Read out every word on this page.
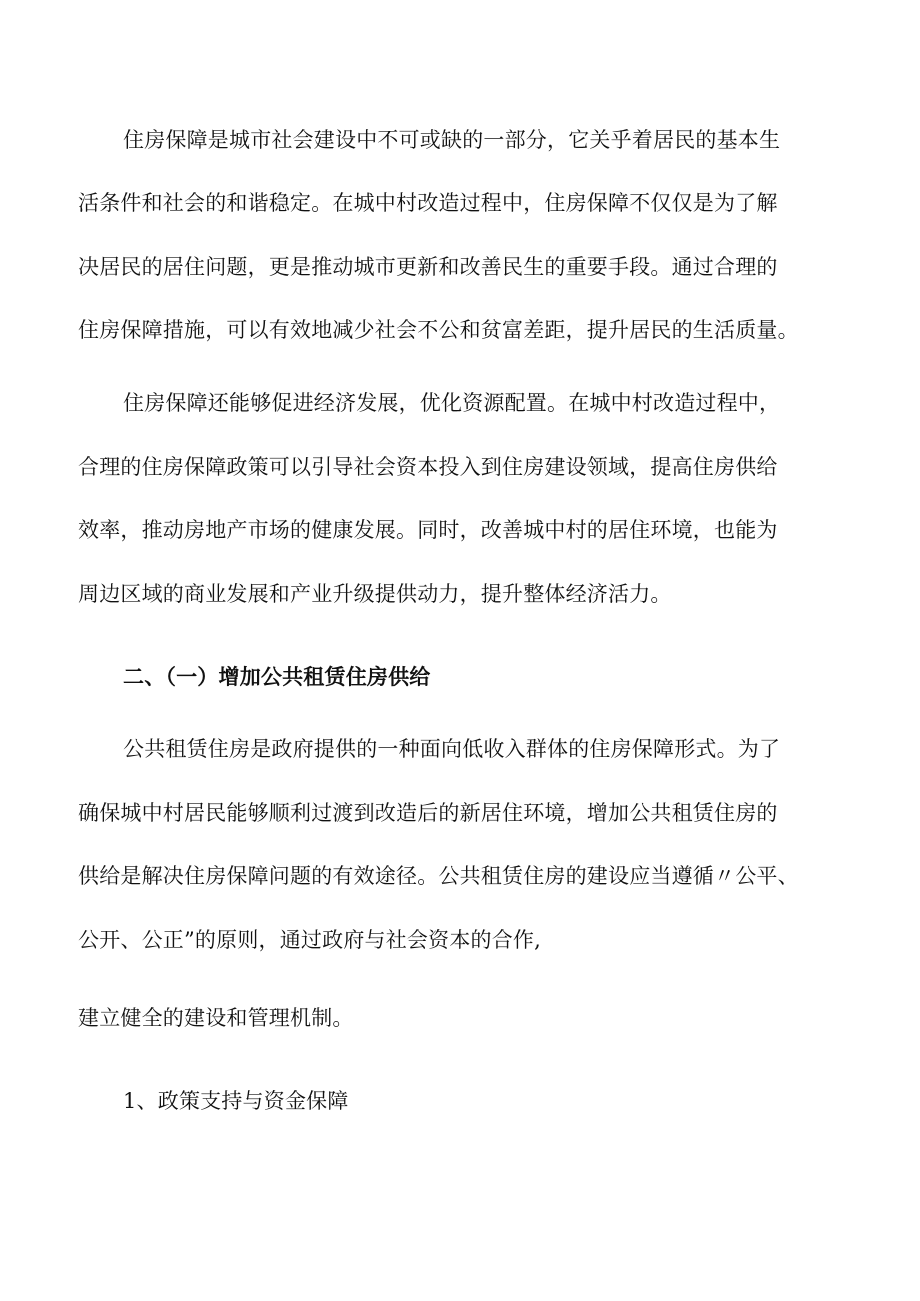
住房保障是城市社会建设中不可或缺的一部分，它关乎着居民的基本生
活条件和社会的和谐稳定。在城中村改造过程中，住房保障不仅仅是为了解
决居民的居住问题，更是推动城市更新和改善民生的重要手段。通过合理的
住房保障措施，可以有效地减少社会不公和贫富差距，提升居民的生活质量。
住房保障还能够促进经济发展，优化资源配置。在城中村改造过程中，
合理的住房保障政策可以引导社会资本投入到住房建设领域，提高住房供给
效率，推动房地产市场的健康发展。同时，改善城中村的居住环境，也能为
周边区域的商业发展和产业升级提供动力，提升整体经济活力。
二、（一）增加公共租赁住房供给
公共租赁住房是政府提供的一种面向低收入群体的住房保障形式。为了
确保城中村居民能够顺利过渡到改造后的新居住环境，增加公共租赁住房的
供给是解决住房保障问题的有效途径。公共租赁住房的建设应当遵循〃公平、
公开、公正”的原则，通过政府与社会资本的合作,
建立健全的建设和管理机制。
1、政策支持与资金保障
